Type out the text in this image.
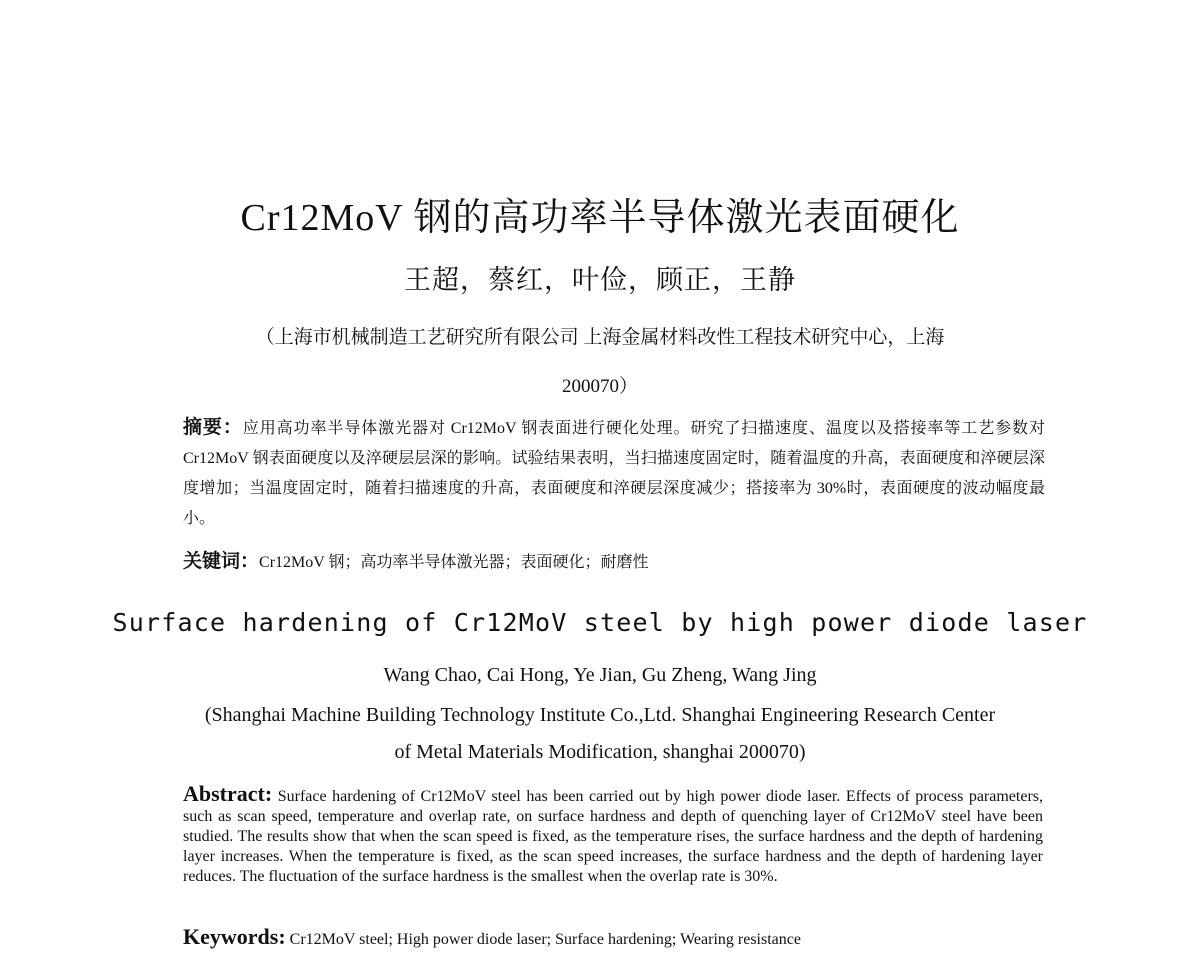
Cr12MoV 钢的高功率半导体激光表面硬化
王超，蔡红，叶俭，顾正，王静
（上海市机械制造工艺研究所有限公司 上海金属材料改性工程技术研究中心，上海
200070）
摘要：应用高功率半导体激光器对 Cr12MoV 钢表面进行硬化处理。研究了扫描速度、温度以及搭接率等工艺参数对 Cr12MoV 钢表面硬度以及淬硬层层深的影响。试验结果表明，当扫描速度固定时，随着温度的升高，表面硬度和淬硬层深度增加；当温度固定时，随着扫描速度的升高，表面硬度和淬硬层深度减少；搭接率为 30%时，表面硬度的波动幅度最小。
关键词：Cr12MoV 钢；高功率半导体激光器；表面硬化；耐磨性
Surface hardening of Cr12MoV steel by high power diode laser
Wang Chao, Cai Hong, Ye Jian, Gu Zheng, Wang Jing
(Shanghai Machine Building Technology Institute Co.,Ltd. Shanghai Engineering Research Center
of Metal Materials Modification, shanghai 200070)
Abstract: Surface hardening of Cr12MoV steel has been carried out by high power diode laser. Effects of process parameters, such as scan speed, temperature and overlap rate, on surface hardness and depth of quenching layer of Cr12MoV steel have been studied. The results show that when the scan speed is fixed, as the temperature rises, the surface hardness and the depth of hardening layer increases. When the temperature is fixed, as the scan speed increases, the surface hardness and the depth of hardening layer reduces. The fluctuation of the surface hardness is the smallest when the overlap rate is 30%.
Keywords: Cr12MoV steel; High power diode laser; Surface hardening; Wearing resistance
